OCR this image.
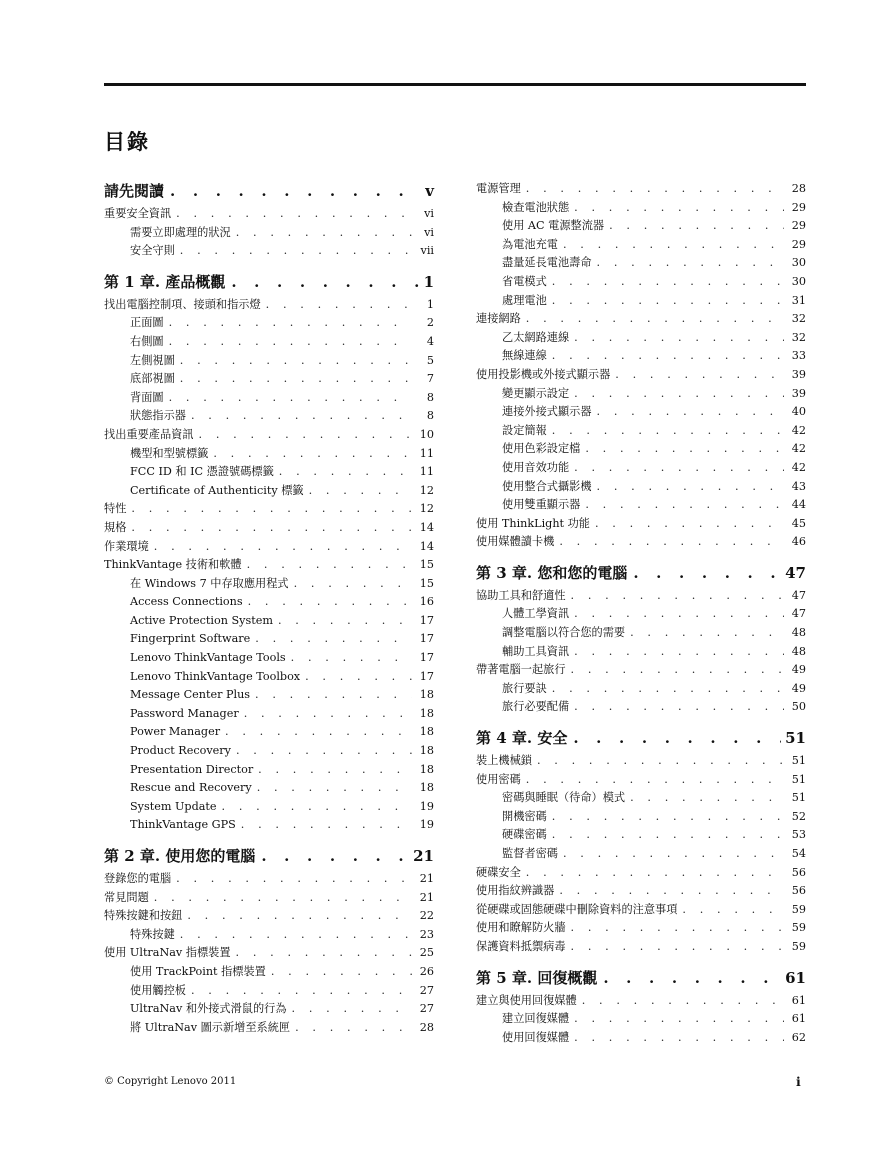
目錄
請先閱讀 . . .	v
重要安全資訊 . . .	vi
需要立即處理的狀況 . . .	vi
安全守則 . . .	vii
第 1 章. 產品概觀 . . .	1
找出電腦控制項、接頭和指示燈 . . .	1
正面圖 . . .	2
右側圖 . . .	4
左側視圖 . . .	5
底部視圖 . . .	7
背面圖 . . .	8
狀態指示器 . . .	8
找出重要產品資訊 . . .	10
機型和型號標籤 . . .	11
FCC ID 和 IC 憑證號碼標籤 . . .	11
Certificate of Authenticity 標籤 . . .	12
特性 . . .	12
規格 . . .	14
作業環境 . . .	14
ThinkVantage 技術和軟體 . . .	15
在 Windows 7 中存取應用程式 . . .	15
Access Connections . . .	16
Active Protection System . . .	17
Fingerprint Software . . .	17
Lenovo ThinkVantage Tools . . .	17
Lenovo ThinkVantage Toolbox . . .	17
Message Center Plus . . .	18
Password Manager . . .	18
Power Manager . . .	18
Product Recovery . . .	18
Presentation Director . . .	18
Rescue and Recovery . . .	18
System Update . . .	19
ThinkVantage GPS . . .	19
第 2 章. 使用您的電腦 . . .	21
登錄您的電腦 . . .	21
常見問題 . . .	21
特殊按鍵和按鈕 . . .	22
特殊按鍵 . . .	23
使用 UltraNav 指標裝置 . . .	25
使用 TrackPoint 指標裝置 . . .	26
使用觸控板 . . .	27
UltraNav 和外接式滑鼠的行為 . . .	27
將 UltraNav 圖示新增至系統匣 . . .	28
電源管理 . . .	28
檢查電池狀態 . . .	29
使用 AC 電源整流器 . . .	29
為電池充電 . . .	29
盡量延長電池壽命 . . .	30
省電模式 . . .	30
處理電池 . . .	31
連接網路 . . .	32
乙太網路連線 . . .	32
無線連線 . . .	33
使用投影機或外接式顯示器 . . .	39
變更顯示設定 . . .	39
連接外接式顯示器 . . .	40
設定簡報 . . .	42
使用色彩設定檔 . . .	42
使用音效功能 . . .	42
使用整合式攝影機 . . .	43
使用雙重顯示器 . . .	44
使用 ThinkLight 功能 . . .	45
使用媒體讀卡機 . . .	46
第 3 章. 您和您的電腦 . . .	47
協助工具和舒適性 . . .	47
人體工學資訊 . . .	47
調整電腦以符合您的需要 . . .	48
輔助工具資訊 . . .	48
帶著電腦一起旅行 . . .	49
旅行要訣 . . .	49
旅行必要配備 . . .	50
第 4 章. 安全 . . .	51
裝上機械鎖 . . .	51
使用密碼 . . .	51
密碼與睡眠（待命）模式 . . .	51
開機密碼 . . .	52
硬碟密碼 . . .	53
監督者密碼 . . .	54
硬碟安全 . . .	56
使用指紋辨識器 . . .	56
從硬碟或固態硬碟中刪除資料的注意事項 . . .	59
使用和瞭解防火牆 . . .	59
保護資料抵禦病毒 . . .	59
第 5 章. 回復概觀 . . .	61
建立與使用回復媒體 . . .	61
建立回復媒體 . . .	61
使用回復媒體 . . .	62
© Copyright Lenovo 2011	i
